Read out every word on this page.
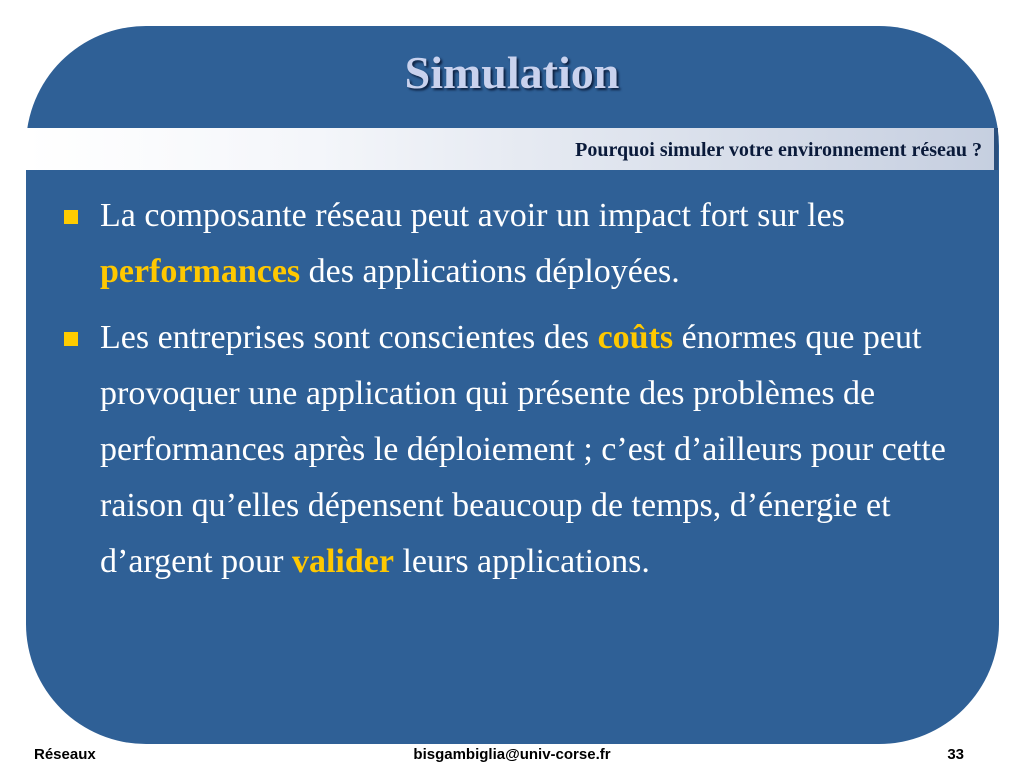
Simulation
Pourquoi simuler votre environnement réseau ?
La composante réseau peut avoir un impact fort sur les performances des applications déployées.
Les entreprises sont conscientes des coûts énormes que peut provoquer une application qui présente des problèmes de performances après le déploiement ; c’est d’ailleurs pour cette raison qu’elles dépensent beaucoup de temps, d’énergie et d’argent pour valider leurs applications.
Réseaux	bisgambiglia@univ-corse.fr	33
